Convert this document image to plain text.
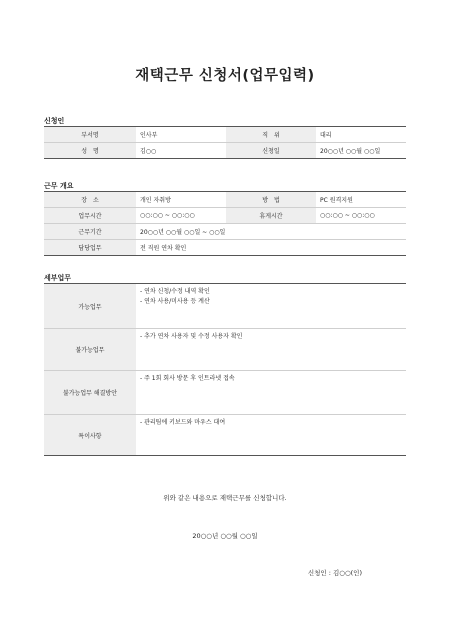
재택근무 신청서(업무입력)
신청인
부서명	인사부	직　위	대리
성　명	김○○	신청일	20○○년 ○○월 ○○일
근무 개요
장　소	개인 자취방	방　법	PC 원격지원
업무시간	○○:○○ ~ ○○:○○	휴게시간	○○:○○ ~ ○○:○○
근무기간	20○○년 ○○월 ○○일 ~ ○○일		
담당업무	전 직원 연차 확인		
세부업무
가능업무	- 연차 신청/수정 내역 확인
- 연차 사용/미사용 등 계산

불가능업무	- 추가 연차 사용자 및 수정 사용자 확인

불가능업무 해결방안	- 주 1회 회사 방문 후 인트라넷 접속

특이사항	- 관리팀에 키보드와 마우스 대여
위와 같은 내용으로 재택근무를 신청합니다.
20○○년 ○○월 ○○일
신청인 : 김○○(인)
